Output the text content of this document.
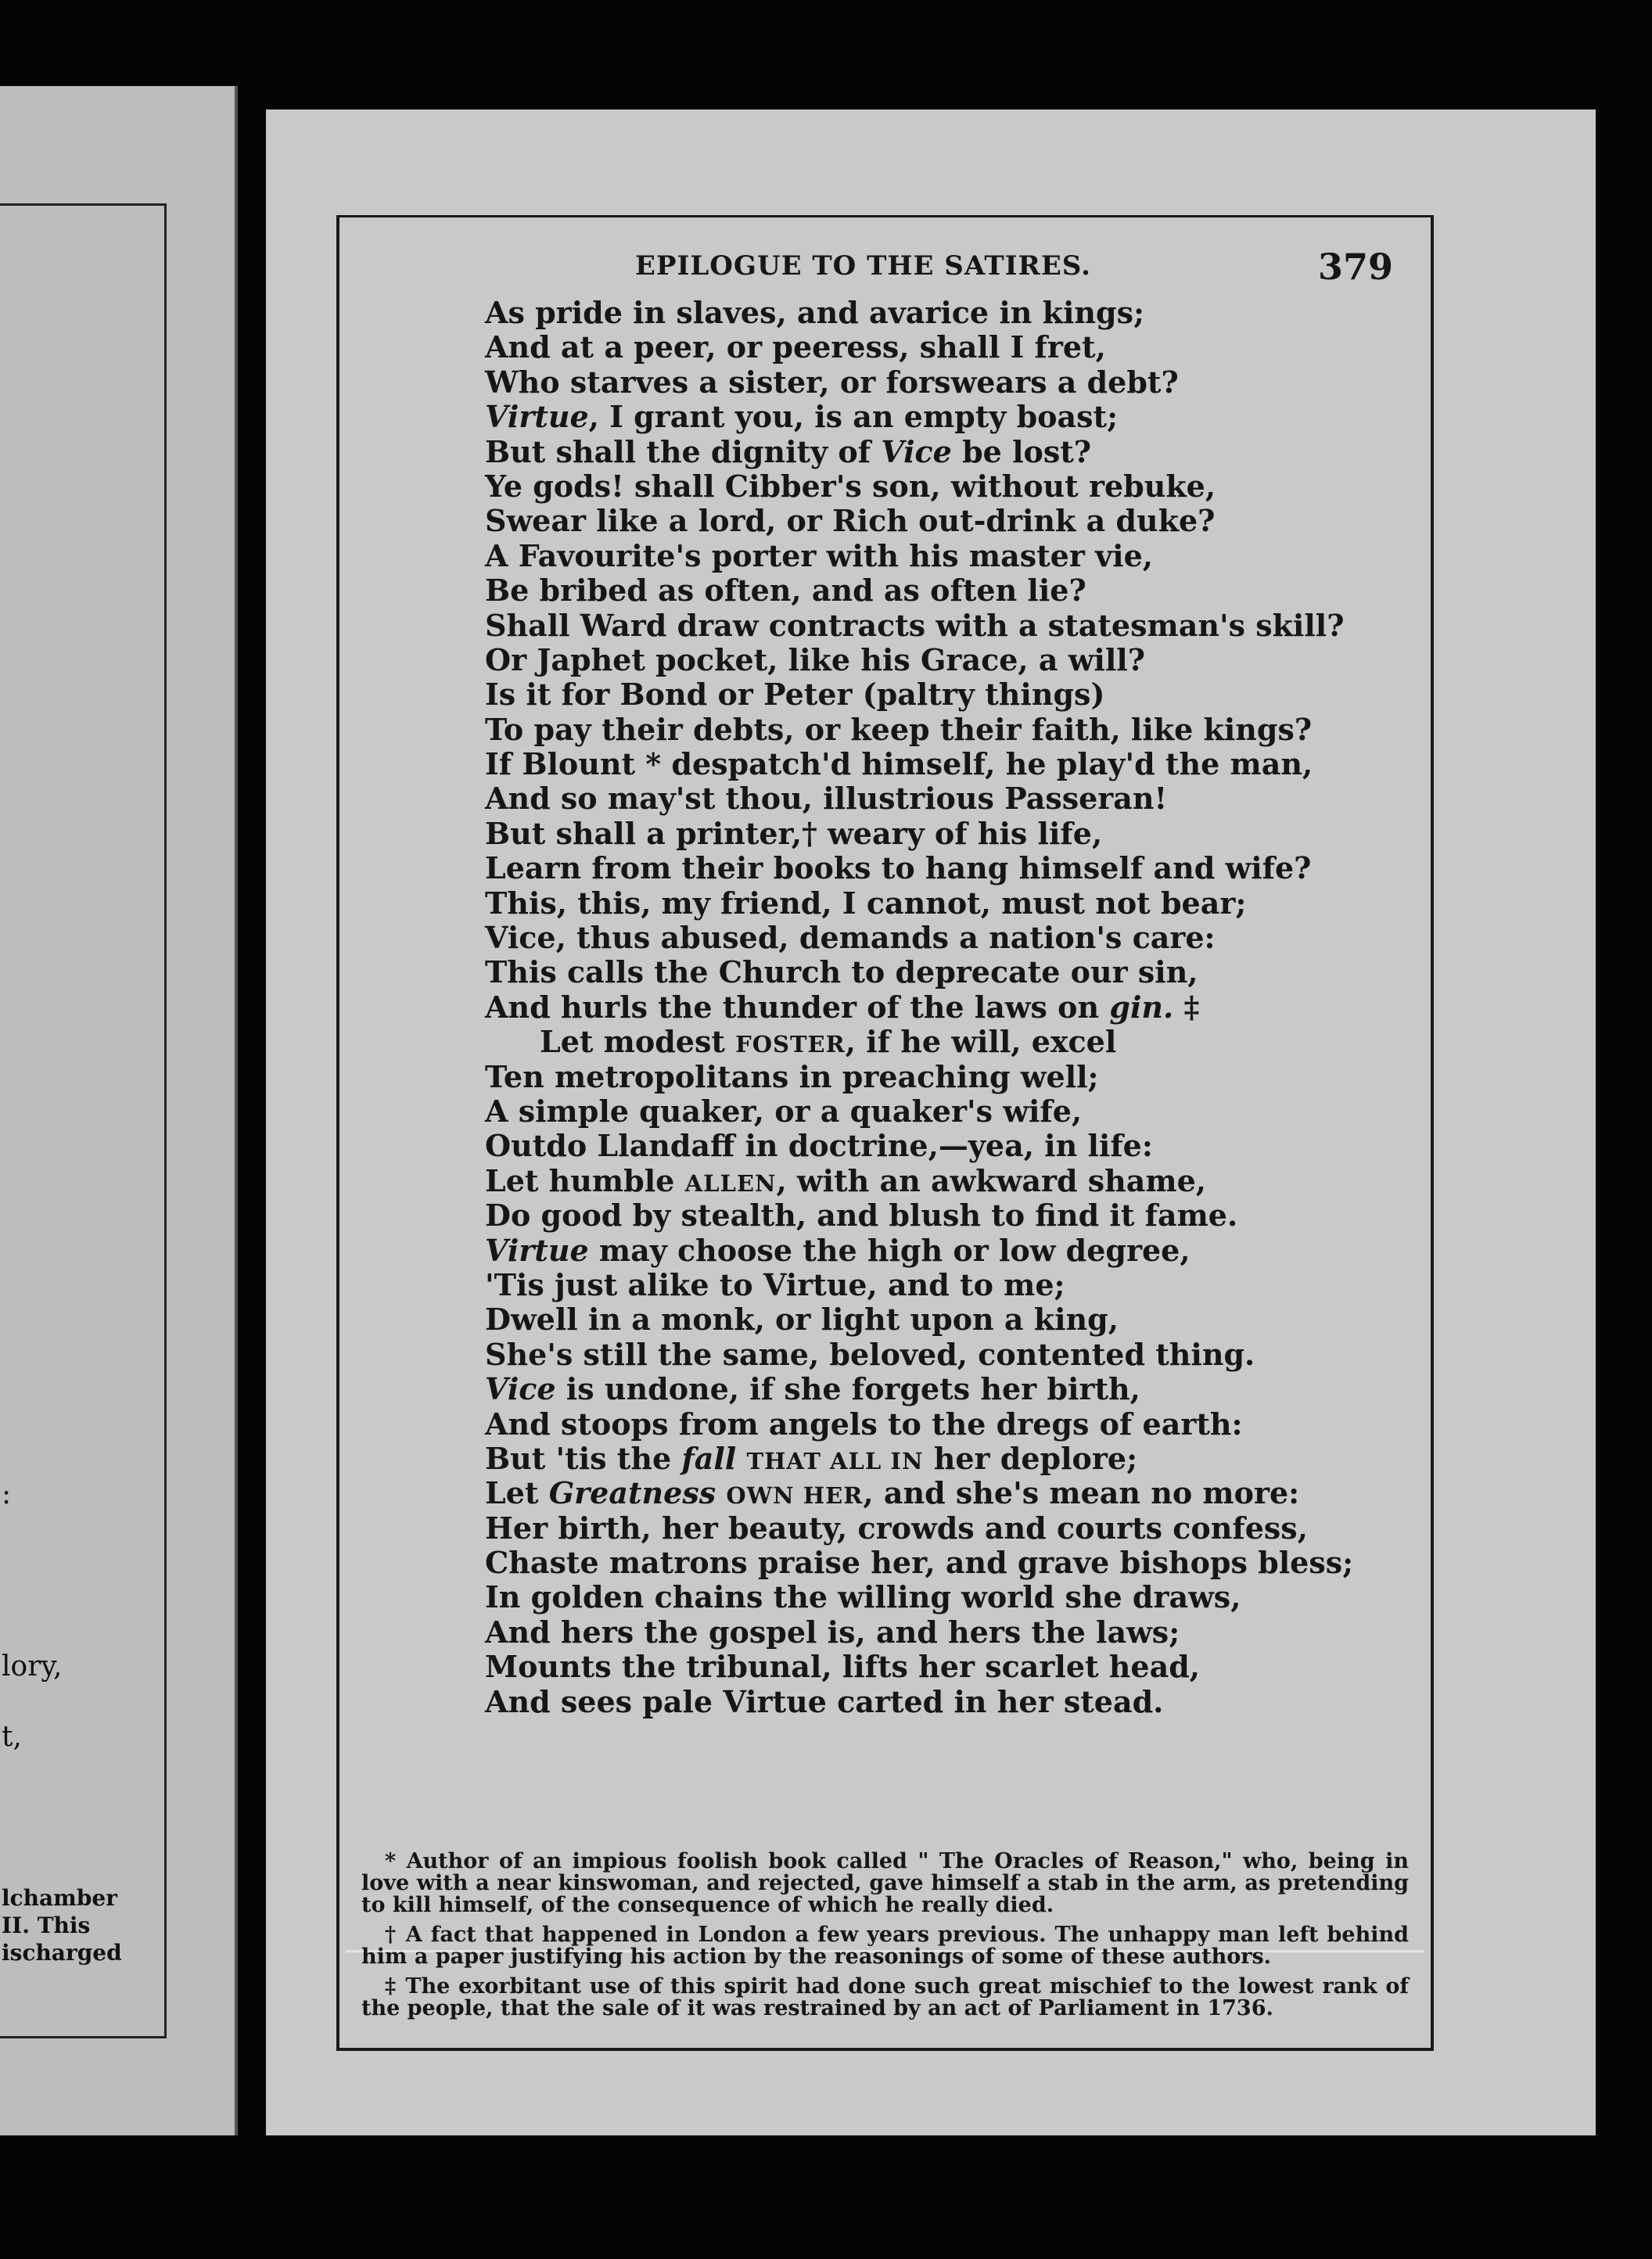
:
lory,
t,
lchamber
II. This
ischarged
EPILOGUE TO THE SATIRES.	379
As pride in slaves, and avarice in kings;
And at a peer, or peeress, shall I fret,
Who starves a sister, or forswears a debt?
Virtue, I grant you, is an empty boast;
But shall the dignity of Vice be lost?
Ye gods! shall Cibber's son, without rebuke,
Swear like a lord, or Rich out-drink a duke?
A Favourite's porter with his master vie,
Be bribed as often, and as often lie?
Shall Ward draw contracts with a statesman's skill?
Or Japhet pocket, like his Grace, a will?
Is it for Bond or Peter (paltry things)
To pay their debts, or keep their faith, like kings?
If Blount * despatch'd himself, he play'd the man,
And so may'st thou, illustrious Passeran!
But shall a printer,† weary of his life,
Learn from their books to hang himself and wife?
This, this, my friend, I cannot, must not bear;
Vice, thus abused, demands a nation's care:
This calls the Church to deprecate our sin,
And hurls the thunder of the laws on gin. ‡
Let modest FOSTER, if he will, excel
Ten metropolitans in preaching well;
A simple quaker, or a quaker's wife,
Outdo Llandaff in doctrine,—yea, in life:
Let humble ALLEN, with an awkward shame,
Do good by stealth, and blush to find it fame.
Virtue may choose the high or low degree,
'Tis just alike to Virtue, and to me;
Dwell in a monk, or light upon a king,
She's still the same, beloved, contented thing.
Vice is undone, if she forgets her birth,
And stoops from angels to the dregs of earth:
But 'tis the fall THAT ALL IN her deplore;
Let Greatness OWN HER, and she's mean no more:
Her birth, her beauty, crowds and courts confess,
Chaste matrons praise her, and grave bishops bless;
In golden chains the willing world she draws,
And hers the gospel is, and hers the laws;
Mounts the tribunal, lifts her scarlet head,
And sees pale Virtue carted in her stead.

* Author of an impious foolish book called " The Oracles of Reason," who, being in love with a near kinswoman, and rejected, gave himself a stab in the arm, as pretending to kill himself, of the consequence of which he really died.

† A fact that happened in London a few years previous. The unhappy man left behind him a paper justifying his action by the reasonings of some of these authors.

‡ The exorbitant use of this spirit had done such great mischief to the lowest rank of the people, that the sale of it was restrained by an act of Parliament in 1736.
